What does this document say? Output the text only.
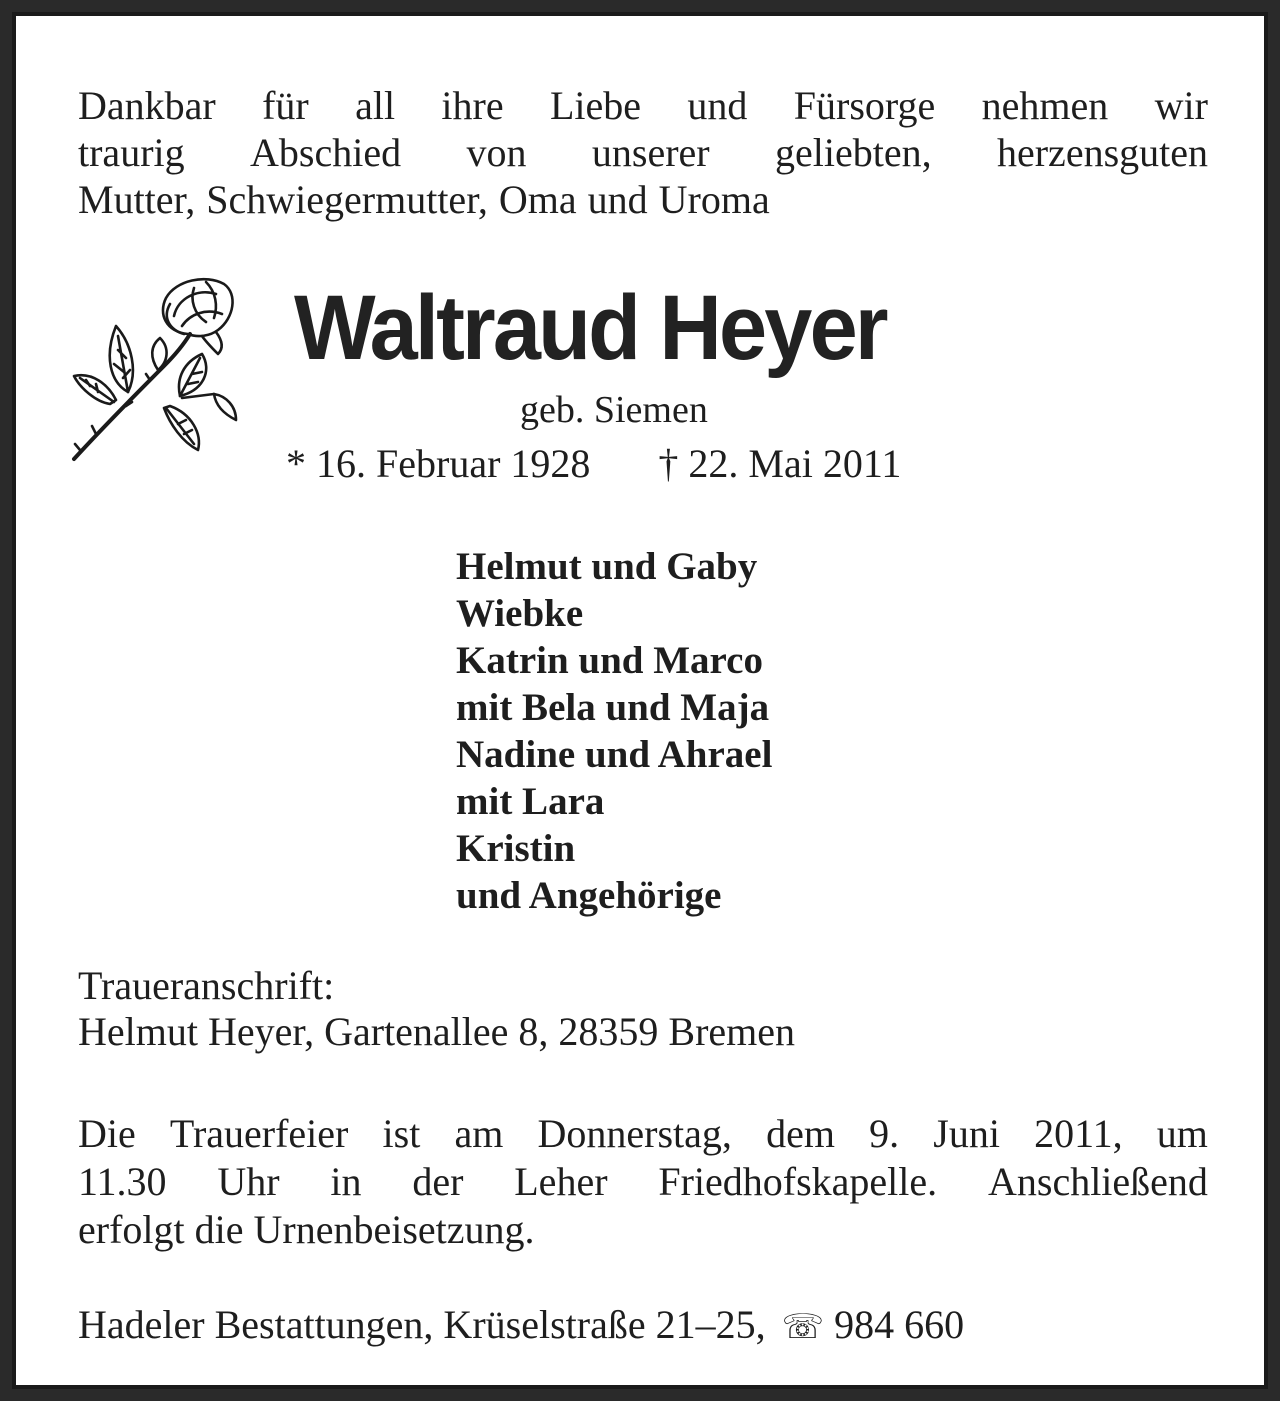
Dankbar für all ihre Liebe und Fürsorge nehmen wir
traurig Abschied von unserer geliebten, herzensguten
Mutter, Schwiegermutter, Oma und Uroma
Waltraud Heyer
geb. Siemen
* 16. Februar 1928 † 22. Mai 2011
Helmut und Gaby
Wiebke
Katrin und Marco
mit Bela und Maja
Nadine und Ahrael
mit Lara
Kristin
und Angehörige
Traueranschrift:
Helmut Heyer, Gartenallee 8, 28359 Bremen
Die Trauerfeier ist am Donnerstag, dem 9. Juni 2011, um
11.30 Uhr in der Leher Friedhofskapelle. Anschließend
erfolgt die Urnenbeisetzung.
Hadeler Bestattungen, Krüselstraße 21–25, ☏ 984 660
